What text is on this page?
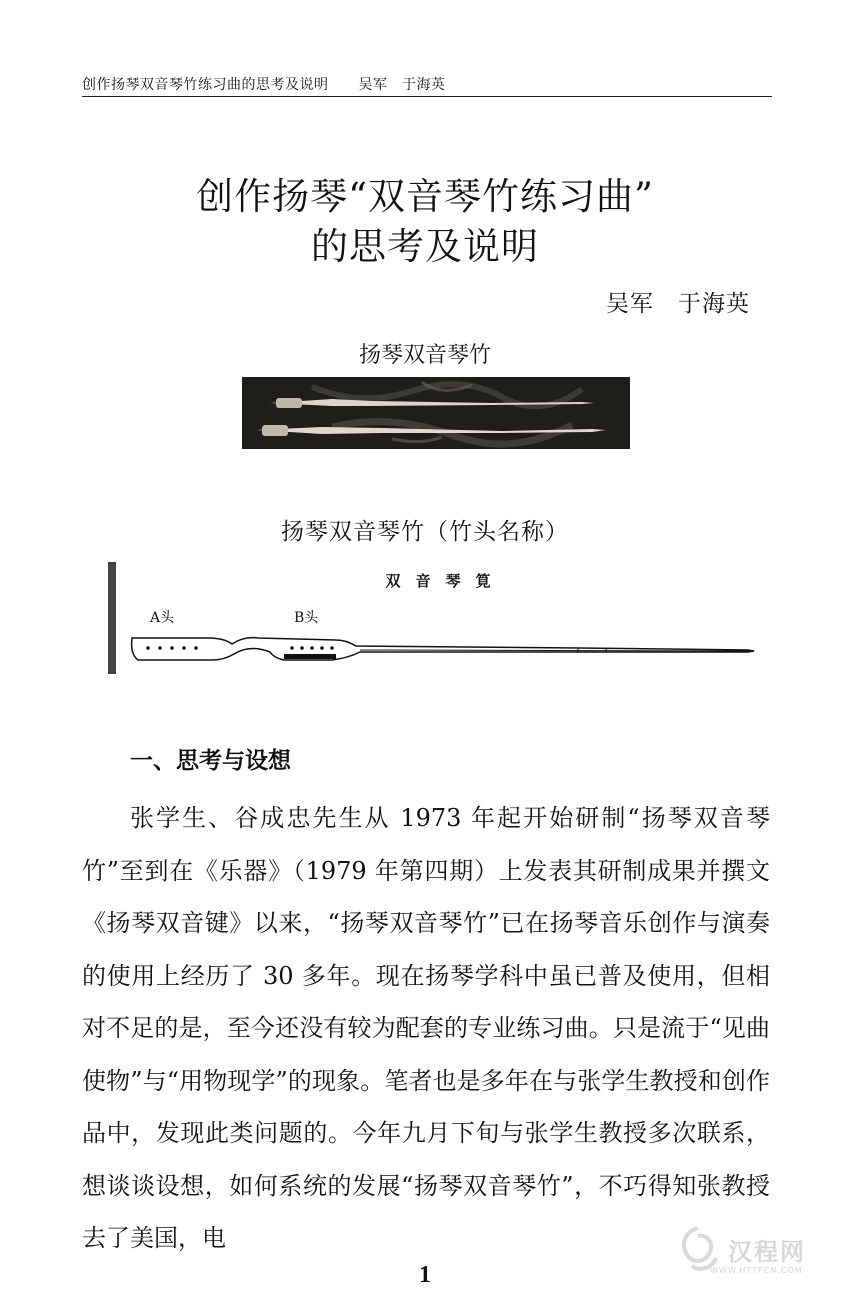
创作扬琴双音琴竹练习曲的思考及说明 吴军　于海英
创作扬琴“双音琴竹练习曲”
的思考及说明
吴军　于海英
扬琴双音琴竹
扬琴双音琴竹（竹头名称）
双　音　琴　筧
A头	B头
一、思考与设想

张学生、谷成忠先生从 1973 年起开始研制“扬琴双音琴竹”至到在《乐器》（1979 年第四期）上发表其研制成果并撰文《扬琴双音键》以来，“扬琴双音琴竹”已在扬琴音乐创作与演奏的使用上经历了 30 多年。现在扬琴学科中虽已普及使用，但相对不足的是，至今还没有较为配套的专业练习曲。只是流于“见曲使物”与“用物现学”的现象。笔者也是多年在与张学生教授和创作品中，发现此类问题的。今年九月下旬与张学生教授多次联系，想谈谈设想，如何系统的发展“扬琴双音琴竹”，不巧得知张教授去了美国，电

1
汉程网
WWW.HTTPCN.COM
